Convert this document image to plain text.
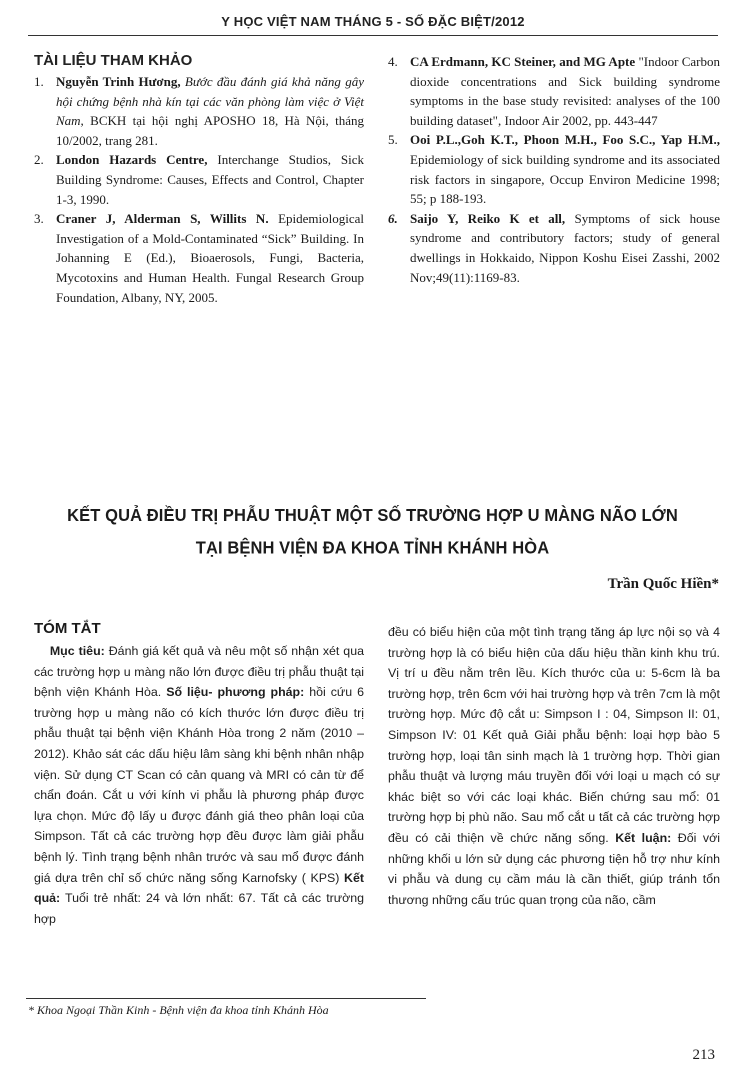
Y HỌC VIỆT NAM THÁNG 5 - SỐ ĐẶC BIỆT/2012
TÀI LIỆU THAM KHẢO
1. Nguyễn Trinh Hương, Bước đầu đánh giá khả năng gây hội chứng bệnh nhà kín tại các văn phòng làm việc ở Việt Nam, BCKH tại hội nghị APOSHO 18, Hà Nội, tháng 10/2002, trang 281.
2. London Hazards Centre, Interchange Studios, Sick Building Syndrome: Causes, Effects and Control, Chapter 1-3, 1990.
3. Craner J, Alderman S, Willits N. Epidemiological Investigation of a Mold-Contaminated “Sick” Building. In Johanning E (Ed.), Bioaerosols, Fungi, Bacteria, Mycotoxins and Human Health. Fungal Research Group Foundation, Albany, NY, 2005.
4. CA Erdmann, KC Steiner, and MG Apte "Indoor Carbon dioxide concentrations and Sick building syndrome symptoms in the base study revisited: analyses of the 100 building dataset", Indoor Air 2002, pp. 443-447
5. Ooi P.L.,Goh K.T., Phoon M.H., Foo S.C., Yap H.M., Epidemiology of sick building syndrome and its associated risk factors in singapore, Occup Environ Medicine 1998; 55; p 188-193.
6. Saijo Y, Reiko K et all, Symptoms of sick house syndrome and contributory factors; study of general dwellings in Hokkaido, Nippon Koshu Eisei Zasshi, 2002 Nov;49(11):1169-83.
KẾT QUẢ ĐIỀU TRỊ PHẪU THUẬT MỘT SỐ TRƯỜNG HỢP U MÀNG NÃO LỚN
TẠI BỆNH VIỆN ĐA KHOA TỈNH KHÁNH HÒA
Trần Quốc Hiền*
TÓM TẮT

Mục tiêu: Đánh giá kết quả và nêu một số nhận xét qua các trường hợp u màng não lớn được điều trị phẫu thuật tại bệnh viện Khánh Hòa. Số liệu- phương pháp: hồi cứu 6 trường hợp u màng não có kích thước lớn được điều trị phẫu thuật tại bệnh viện Khánh Hòa trong 2 năm (2010 – 2012). Khảo sát các dấu hiệu lâm sàng khi bệnh nhân nhập viện. Sử dụng CT Scan có cản quang và MRI có cản từ để chẩn đoán. Cắt u với kính vi phẫu là phương pháp được lựa chọn. Mức độ lấy u được đánh giá theo phân loại của Simpson. Tất cả các trường hợp đều được làm giải phẫu bệnh lý. Tình trạng bệnh nhân trước và sau mổ được đánh giá dựa trên chỉ số chức năng sống Karnofsky ( KPS) Kết quả: Tuổi trẻ nhất: 24 và lớn nhất: 67. Tất cả các trường hợp

đều có biểu hiện của một tình trạng tăng áp lực nội sọ và 4 trường hợp là có biểu hiện của dấu hiệu thần kinh khu trú. Vị trí u đều nằm trên lều. Kích thước của u: 5-6cm là ba trường hợp, trên 6cm với hai trường hợp và trên 7cm là một trường hợp. Mức độ cắt u: Simpson I : 04, Simpson II: 01, Simpson IV: 01 Kết quả Giải phẫu bệnh: loại hợp bào 5 trường hợp, loại tân sinh mạch là 1 trường hợp. Thời gian phẫu thuật và lượng máu truyền đối với loại u mạch có sự khác biệt so với các loại khác. Biến chứng sau mổ: 01 trường hợp bị phù não. Sau mổ cắt u tất cả các trường hợp đều có cải thiện về chức năng sống. Kết luận: Đối với những khối u lớn sử dụng các phương tiện hỗ trợ như kính vi phẫu và dung cụ cầm máu là cần thiết, giúp tránh tổn thương những cấu trúc quan trọng của não, cầm

* Khoa Ngoại Thần Kinh - Bệnh viện đa khoa tỉnh Khánh Hòa
213
